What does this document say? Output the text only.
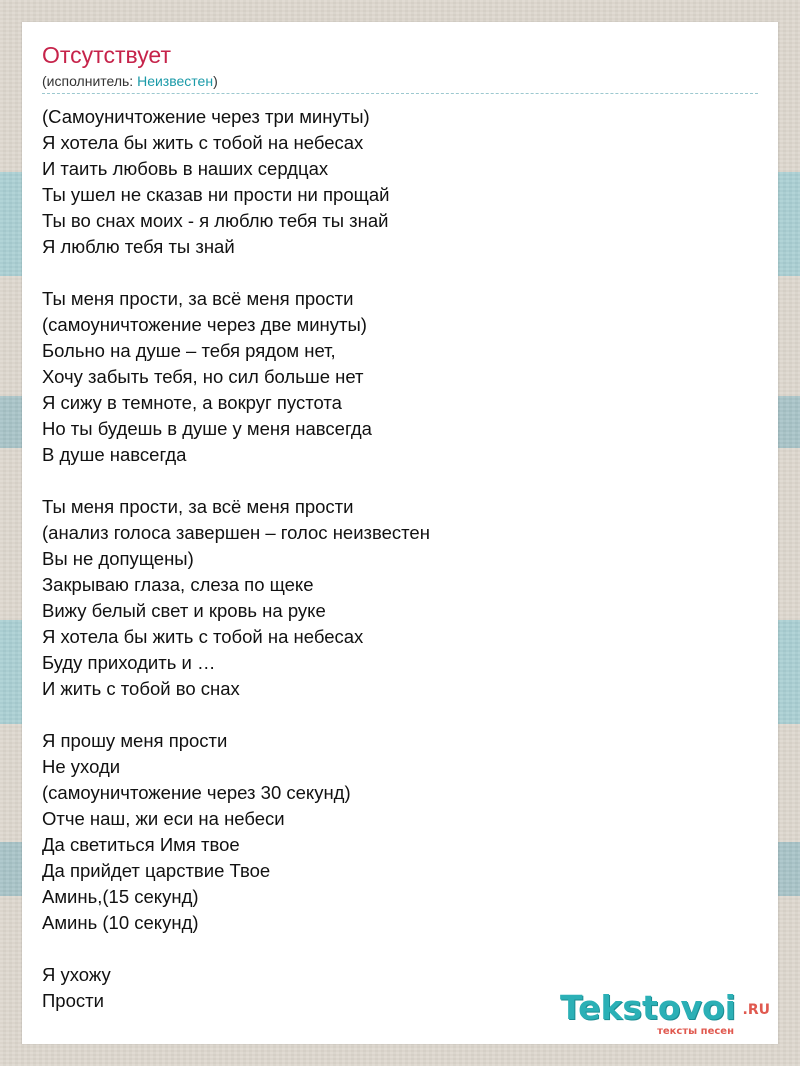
Отсутствует
(исполнитель: Неизвестен)
(Самоуничтожение через три минуты)
Я хотела бы жить с тобой на небесах
И таить любовь в наших сердцах
Ты ушел не сказав ни прости ни прощай
Ты во снах моих - я люблю тебя ты знай
Я люблю тебя ты знай
Ты меня прости, за всё меня прости
(самоуничтожение через две минуты)
Больно на душе – тебя рядом нет,
Хочу забыть тебя, но сил больше нет
Я сижу в темноте, а вокруг пустота
Но ты будешь в душе у меня навсегда
В душе навсегда
Ты меня прости, за всё меня прости
(анализ голоса завершен – голос неизвестен
Вы не допущены)
Закрываю глаза, слеза по щеке
Вижу белый свет и кровь на руке
Я хотела бы жить с тобой на небесах
Буду приходить и …
И жить с тобой во снах
Я прошу меня прости
Не уходи
(самоуничтожение через 30 секунд)
Отче наш, жи еси на небеси
Да светиться Имя твое
Да прийдет царствие Твое
Аминь,(15 секунд)
Аминь (10 секунд)
Я ухожу
Прости	Tekstovoi .RU
тексты песен
